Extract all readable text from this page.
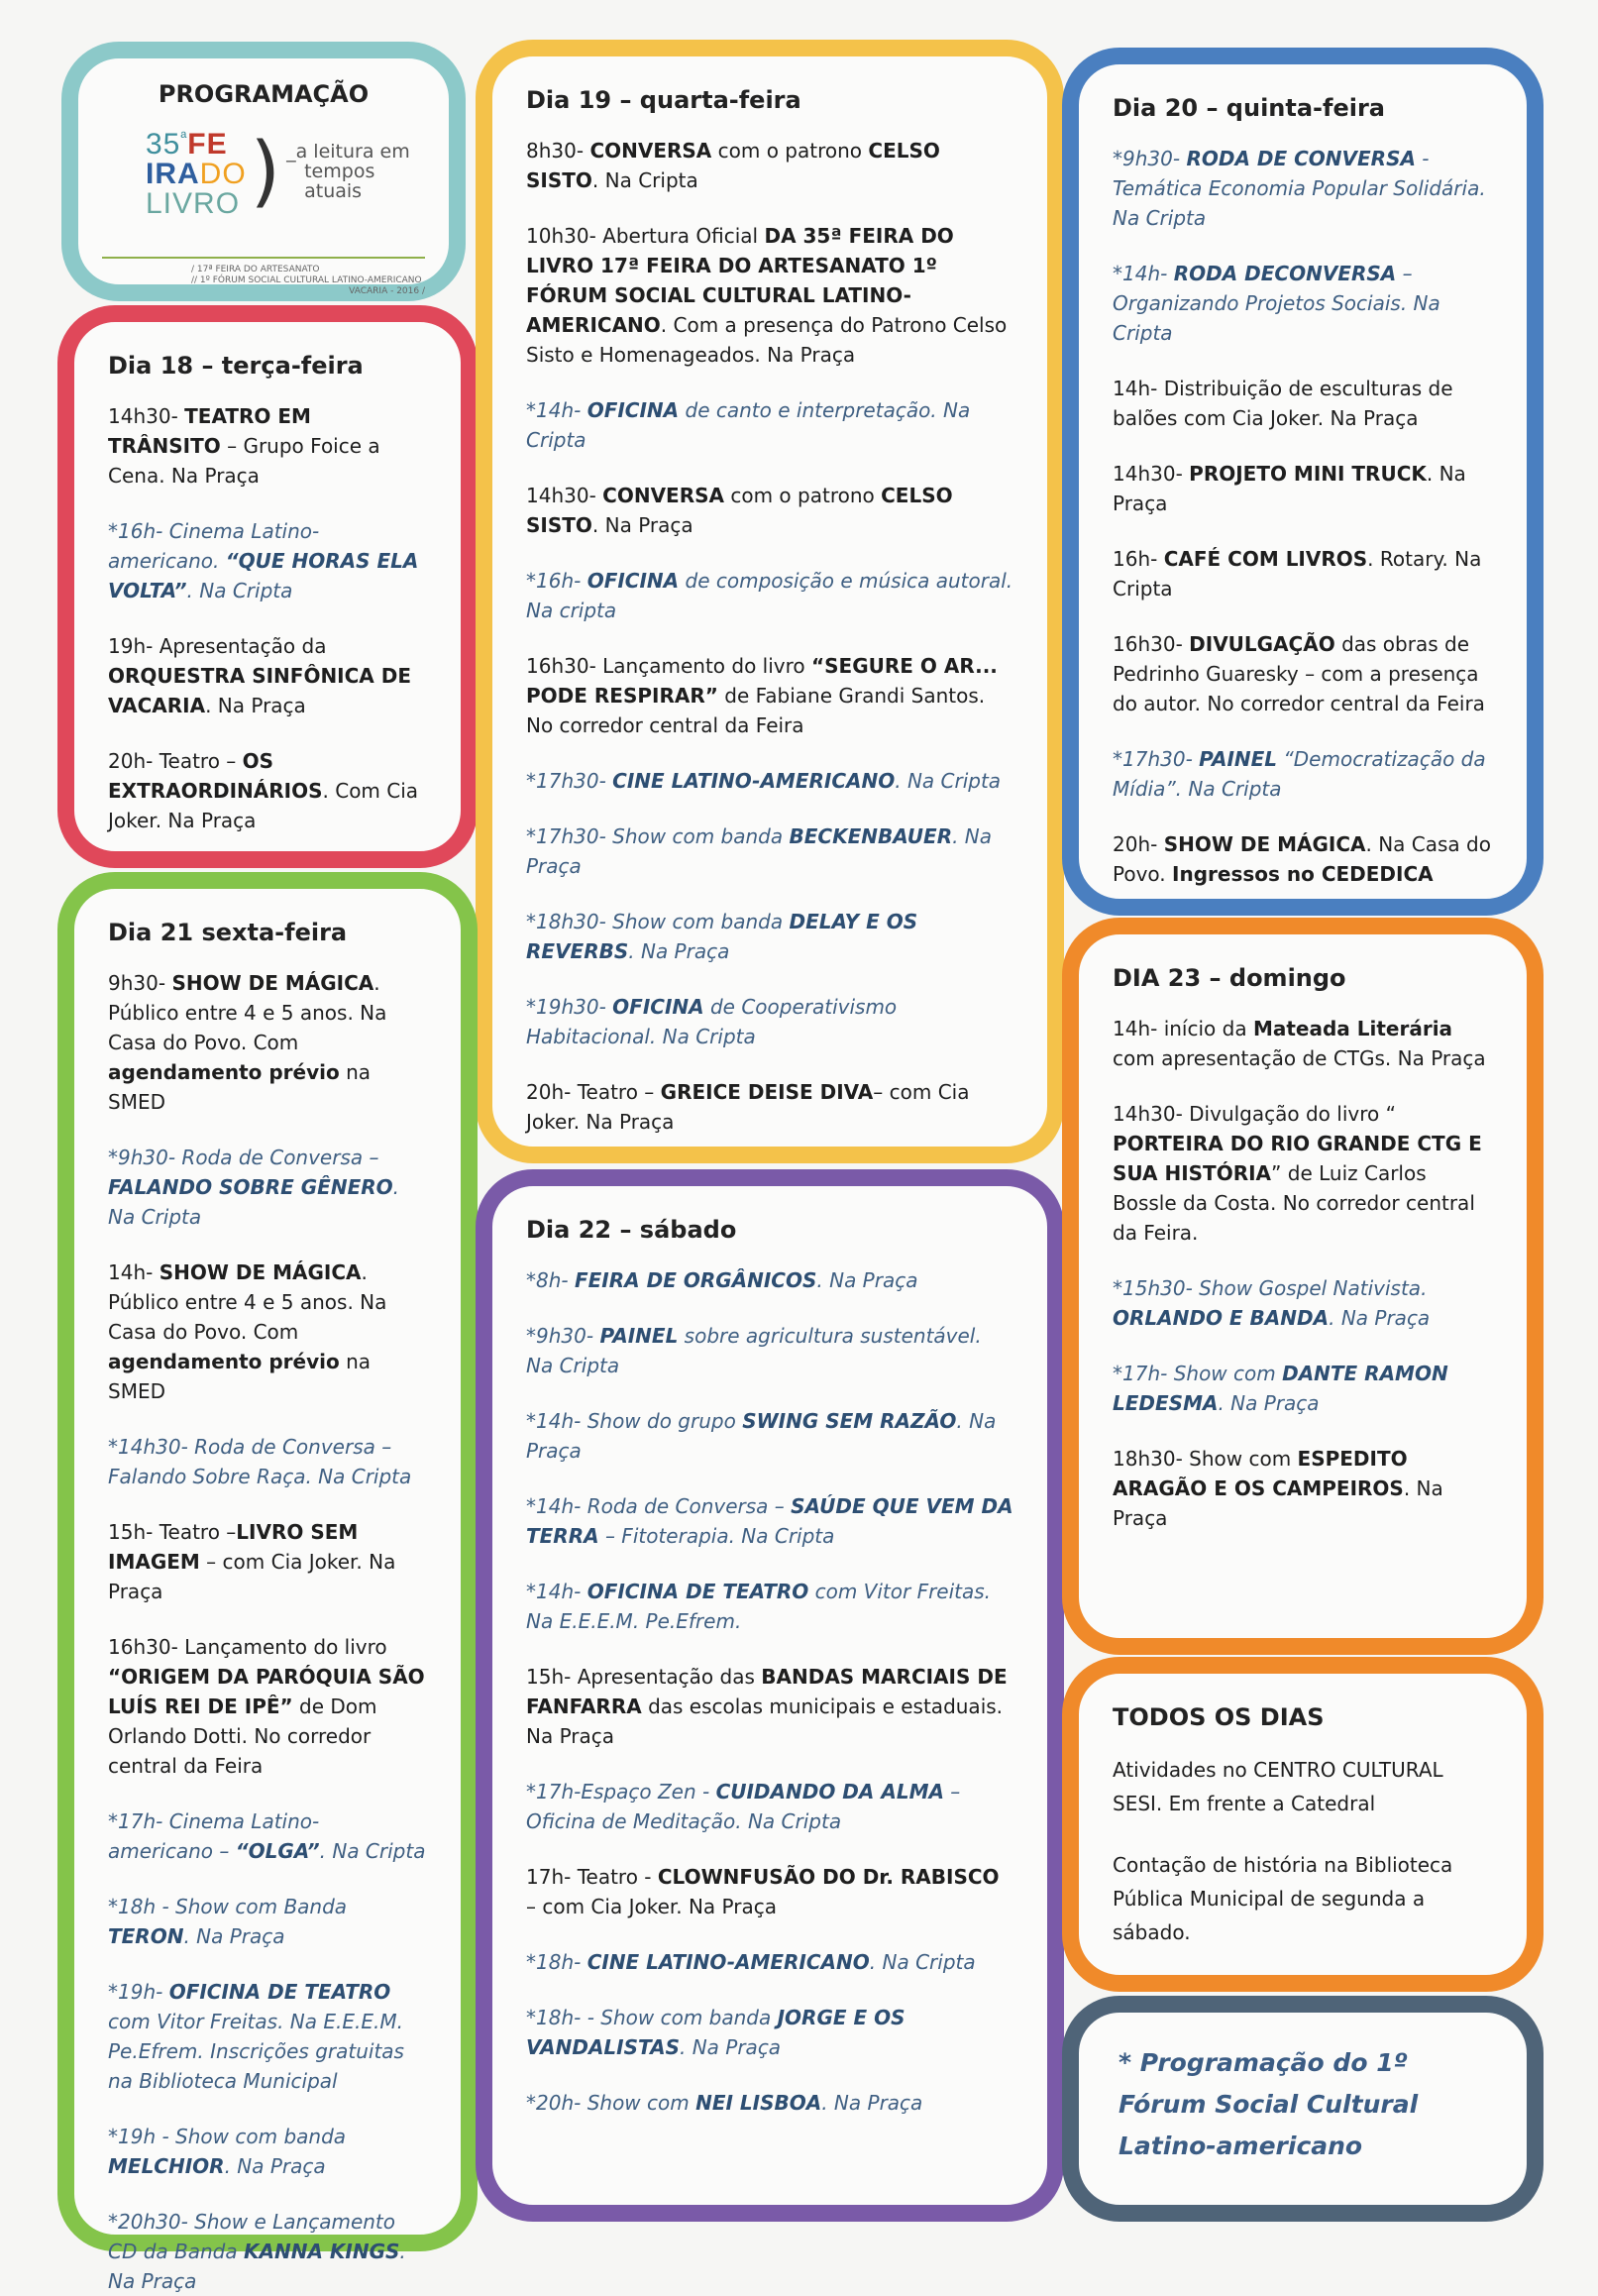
PROGRAMAÇÃO
$35^ªFE$
IRADO
LIVRO ) _a leitura em
tempos atuais
/ 17ª FEIRA DO ARTESANATO
// 1º FÓRUM SOCIAL CULTURAL LATINO-AMERICANO
VACARIA - 2016 /
Dia 18 – terça-feira
14h30- TEATRO EM TRÂNSITO – Grupo Foice a Cena. Na Praça
*16h- Cinema Latino-americano. “QUE HORAS ELA VOLTA”. Na Cripta
19h- Apresentação da ORQUESTRA SINFÔNICA DE VACARIA. Na Praça
20h- Teatro – OS EXTRAORDINÁRIOS. Com Cia Joker. Na Praça
Dia 19 – quarta-feira
8h30- CONVERSA com o patrono CELSO SISTO. Na Cripta
10h30- Abertura Oficial DA 35ª FEIRA DO LIVRO 17ª FEIRA DO ARTESANATO 1º FÓRUM SOCIAL CULTURAL LATINO-AMERICANO. Com a presença do Patrono Celso Sisto e Homenageados. Na Praça
*14h- OFICINA de canto e interpretação. Na Cripta
14h30- CONVERSA com o patrono CELSO SISTO. Na Praça
*16h- OFICINA de composição e música autoral. Na cripta
16h30- Lançamento do livro “SEGURE O AR... PODE RESPIRAR” de Fabiane Grandi Santos. No corredor central da Feira
*17h30- CINE LATINO-AMERICANO. Na Cripta
*17h30- Show com banda BECKENBAUER. Na Praça
*18h30- Show com banda DELAY E OS REVERBS. Na Praça
*19h30- OFICINA de Cooperativismo Habitacional. Na Cripta
20h- Teatro – GREICE DEISE DIVA– com Cia Joker. Na Praça
Dia 20 – quinta-feira
*9h30- RODA DE CONVERSA - Temática Economia Popular Solidária. Na Cripta
*14h- RODA DECONVERSA – Organizando Projetos Sociais. Na Cripta
14h- Distribuição de esculturas de balões com Cia Joker. Na Praça
14h30- PROJETO MINI TRUCK. Na Praça
16h- CAFÉ COM LIVROS. Rotary. Na Cripta
16h30- DIVULGAÇÃO das obras de Pedrinho Guaresky – com a presença do autor. No corredor central da Feira
*17h30- PAINEL “Democratização da Mídia”. Na Cripta
20h- SHOW DE MÁGICA. Na Casa do Povo. Ingressos no CEDEDICA
Dia 21 sexta-feira
9h30- SHOW DE MÁGICA. Público entre 4 e 5 anos. Na Casa do Povo. Com agendamento prévio na SMED
*9h30- Roda de Conversa – FALANDO SOBRE GÊNERO. Na Cripta
14h- SHOW DE MÁGICA. Público entre 4 e 5 anos. Na Casa do Povo. Com agendamento prévio na SMED
*14h30- Roda de Conversa – Falando Sobre Raça. Na Cripta
15h- Teatro –LIVRO SEM IMAGEM – com Cia Joker. Na Praça
16h30- Lançamento do livro “ORIGEM DA PARÓQUIA SÃO LUÍS REI DE IPÊ” de Dom Orlando Dotti. No corredor central da Feira
*17h- Cinema Latino- americano – “OLGA”. Na Cripta
*18h - Show com Banda TERON. Na Praça
*19h- OFICINA DE TEATRO com Vitor Freitas. Na E.E.E.M. Pe.Efrem. Inscrições gratuitas na Biblioteca Municipal
*19h - Show com banda MELCHIOR. Na Praça
*20h30- Show e Lançamento CD da Banda KANNA KINGS. Na Praça
Dia 22 – sábado
*8h- FEIRA DE ORGÂNICOS. Na Praça
*9h30- PAINEL sobre agricultura sustentável. Na Cripta
*14h- Show do grupo SWING SEM RAZÃO. Na Praça
*14h- Roda de Conversa – SAÚDE QUE VEM DA TERRA – Fitoterapia. Na Cripta
*14h- OFICINA DE TEATRO com Vitor Freitas. Na E.E.E.M. Pe.Efrem.
15h- Apresentação das BANDAS MARCIAIS DE FANFARRA das escolas municipais e estaduais. Na Praça
*17h-Espaço Zen - CUIDANDO DA ALMA – Oficina de Meditação. Na Cripta
17h- Teatro - CLOWNFUSÃO DO Dr. RABISCO – com Cia Joker. Na Praça
*18h- CINE LATINO-AMERICANO. Na Cripta
*18h- - Show com banda JORGE E OS VANDALISTAS. Na Praça
*20h- Show com NEI LISBOA. Na Praça
DIA 23 – domingo
14h- início da Mateada Literária com apresentação de CTGs. Na Praça
14h30- Divulgação do livro “ PORTEIRA DO RIO GRANDE CTG E SUA HISTÓRIA” de Luiz Carlos Bossle da Costa. No corredor central da Feira.
*15h30- Show Gospel Nativista. ORLANDO E BANDA. Na Praça
*17h- Show com DANTE RAMON LEDESMA. Na Praça
18h30- Show com ESPEDITO ARAGÃO E OS CAMPEIROS. Na Praça
TODOS OS DIAS
Atividades no CENTRO CULTURAL SESI. Em frente a Catedral
Contação de história na Biblioteca Pública Municipal de segunda a sábado.
* Programação do 1º Fórum Social Cultural Latino-americano
